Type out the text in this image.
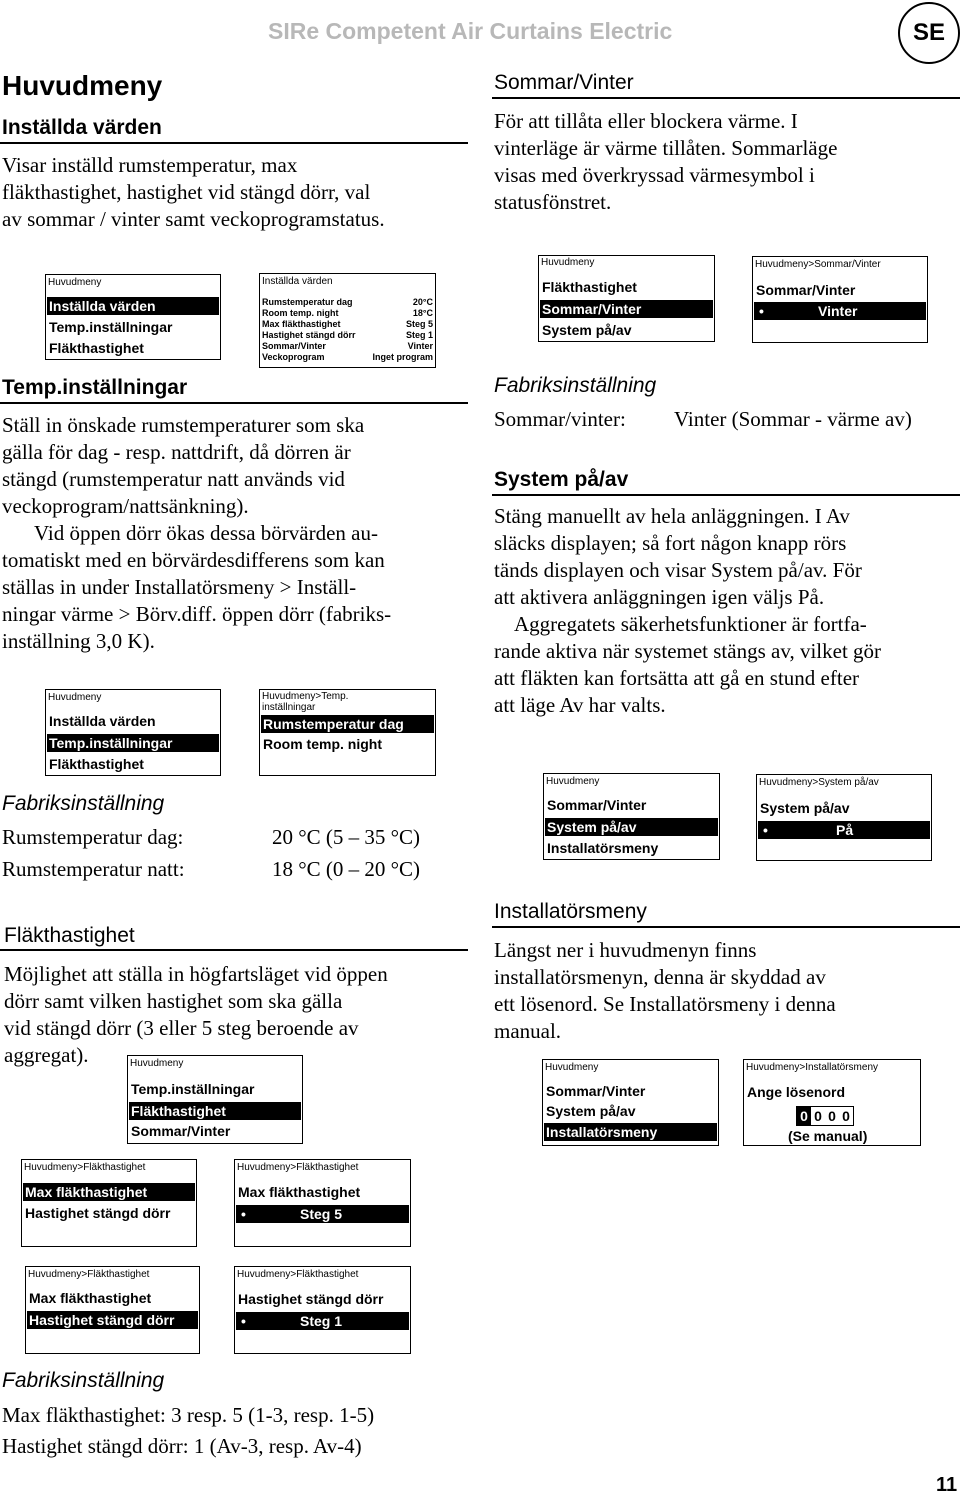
SIRe Competent Air Curtains Electric	SE
Huvudmeny
Inställda värden
Visar inställd rumstemperatur, max
fläkthastighet, hastighet vid stängd dörr, val
av sommar / vinter samt veckoprogramstatus.
Huvudmeny
Inställda värden
Temp.inställningar
Fläkthastighet
Inställda värden
Rumstemperatur dag	20°C
Room temp. night	18°C
Max fläkthastighet	Steg 5
Hastighet stängd dörr	Steg 1
Sommar/Vinter	Vinter
Veckoprogram	Inget program
Temp.inställningar
Ställ in önskade rumstemperaturer som ska
gälla för dag - resp. nattdrift, då dörren är
stängd (rumstemperatur natt används vid
veckoprogram/nattsänkning).
Vid öppen dörr ökas dessa börvärden au-
tomatiskt med en börvärdesdifferens som kan
ställas in under Installatörsmeny > Inställ-
ningar värme > Börv.diff. öppen dörr (fabriks-
inställning 3,0 K).
Huvudmeny
Inställda värden
Temp.inställningar
Fläkthastighet
Huvudmeny>Temp. inställningar
Rumstemperatur dag
Room temp. night
Fabriksinställning
Rumstemperatur dag:	20 °C (5 – 35 °C)
Rumstemperatur natt:	18 °C (0 – 20 °C)
Fläkthastighet
Möjlighet att ställa in högfartsläget vid öppen
dörr samt vilken hastighet som ska gälla
vid stängd dörr (3 eller 5 steg beroende av
aggregat).	Huvudmeny
Temp.inställningar
Fläkthastighet
Sommar/Vinter
Huvudmeny>Fläkthastighet
Max fläkthastighet
Hastighet stängd dörr
Huvudmeny>Fläkthastighet
Max fläkthastighet
•	Steg 5
Huvudmeny>Fläkthastighet
Max fläkthastighet
Hastighet stängd dörr
Huvudmeny>Fläkthastighet
Hastighet stängd dörr
•	Steg 1
Fabriksinställning
Max fläkthastighet: 3 resp. 5 (1-3, resp. 1-5)
Hastighet stängd dörr: 1 (Av-3, resp. Av-4)
Sommar/Vinter
För att tillåta eller blockera värme. I
vinterläge är värme tillåten. Sommarläge
visas med överkryssad värmesymbol i
statusfönstret.
Huvudmeny
Fläkthastighet
Sommar/Vinter
System på/av
Huvudmeny>Sommar/Vinter
Sommar/Vinter
•	Vinter
Fabriksinställning
Sommar/vinter: Vinter (Sommar - värme av)
System på/av
Stäng manuellt av hela anläggningen. I Av
släcks displayen; så fort någon knapp rörs
tänds displayen och visar System på/av. För
att aktivera anläggningen igen väljs På.
Aggregatets säkerhetsfunktioner är fortfa-
rande aktiva när systemet stängs av, vilket gör
att fläkten kan fortsätta att gå en stund efter
att läge Av har valts.
Huvudmeny
Sommar/Vinter
System på/av
Installatörsmeny
Huvudmeny>System på/av
System på/av
•	På
Installatörsmeny
Längst ner i huvudmenyn finns
installatörsmenyn, denna är skyddad av
ett lösenord. Se Installatörsmeny i denna
manual.
Huvudmeny
Sommar/Vinter
System på/av
Installatörsmeny
Huvudmeny>Installatörsmeny
Ange lösenord
0 0 0 0
(Se manual)
11
